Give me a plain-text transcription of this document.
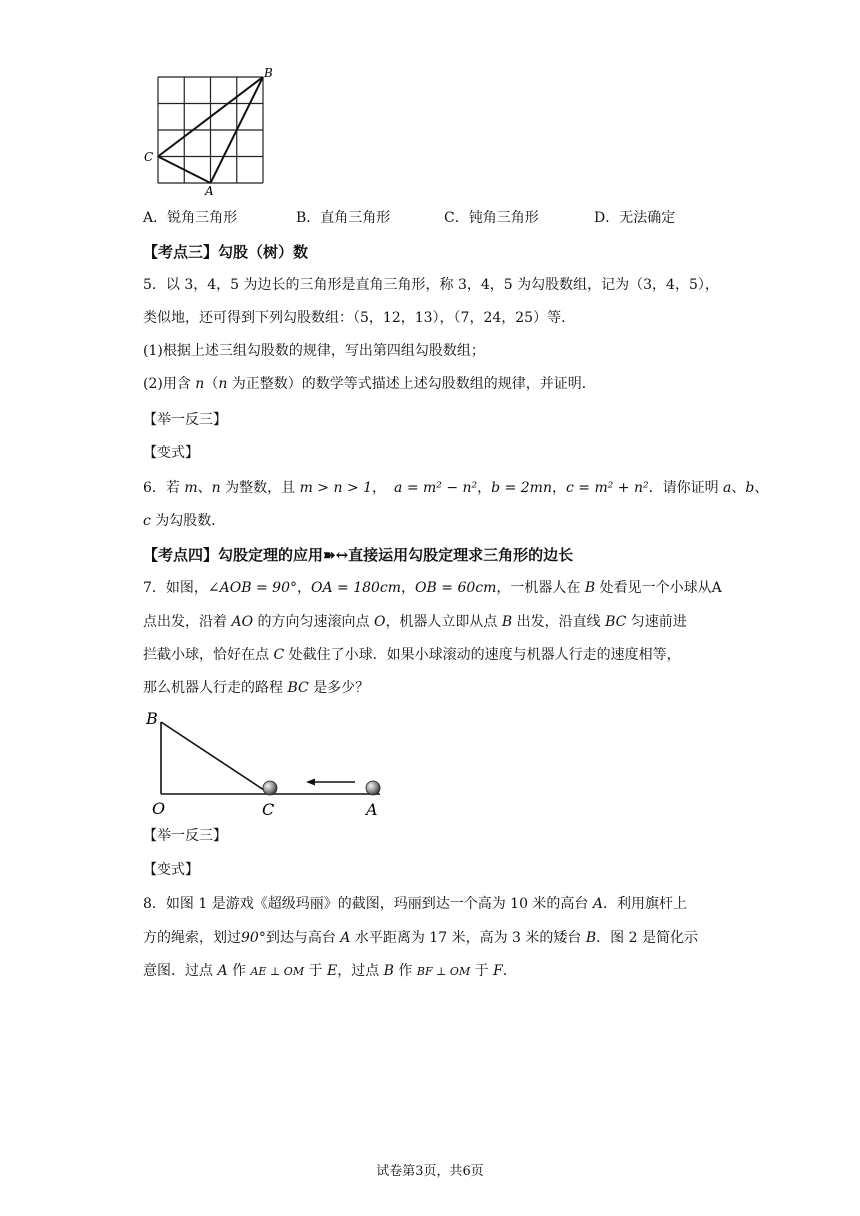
B
C
A
A．锐角三角形	B．直角三角形	C．钝角三角形	D．无法确定
【考点三】勾股（树）数
5．以 3，4，5 为边长的三角形是直角三角形，称 3，4，5 为勾股数组，记为（3，4，5），
类似地，还可得到下列勾股数组：（5，12，13），（7，24，25）等．
(1)根据上述三组勾股数的规律，写出第四组勾股数组；
(2)用含 n（n 为正整数）的数学等式描述上述勾股数组的规律，并证明．
【举一反三】
【变式】
6．若 m、n 为整数，且 m > n > 1， a = m² − n²，b = 2mn，c = m² + n²．请你证明 a、b、
c 为勾股数．
【考点四】勾股定理的应用➽↔直接运用勾股定理求三角形的边长
7．如图，∠AOB = 90°，OA = 180cm，OB = 60cm，一机器人在 B 处看见一个小球从A
点出发，沿着 AO 的方向匀速滚向点 O，机器人立即从点 B 出发，沿直线 BC 匀速前进
拦截小球，恰好在点 C 处截住了小球．如果小球滚动的速度与机器人行走的速度相等，
那么机器人行走的路程 BC 是多少？
B
O	C	A
【举一反三】
【变式】
8．如图 1 是游戏《超级玛丽》的截图，玛丽到达一个高为 10 米的高台 A．利用旗杆上
方的绳索，划过90°到达与高台 A 水平距离为 17 米，高为 3 米的矮台 B．图 2 是简化示
意图．过点 A 作 AE ⊥ OM 于 E，过点 B 作 BF ⊥ OM 于 F．
试卷第3页，共6页
